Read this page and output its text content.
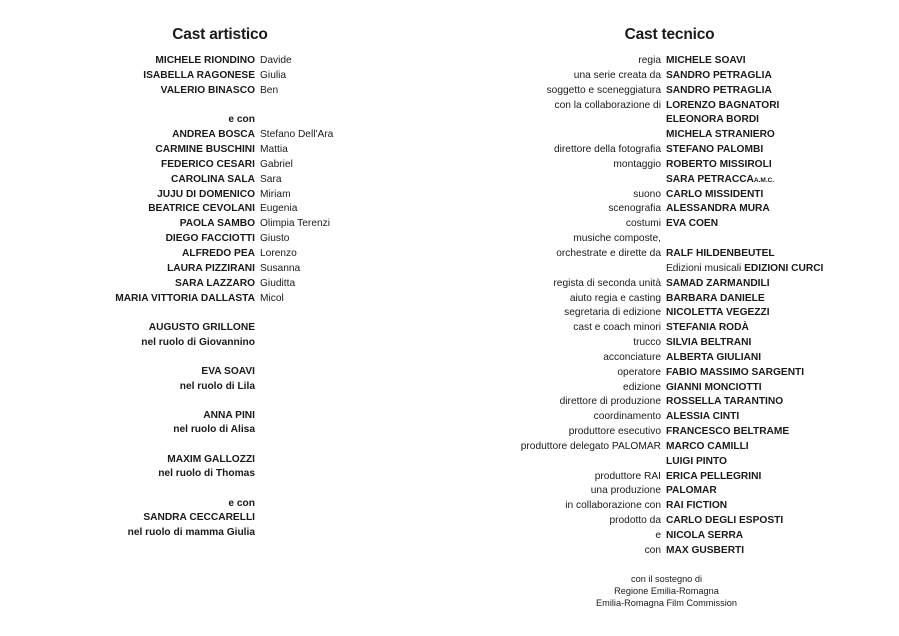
Cast artistico
MICHELE RIONDINO Davide
ISABELLA RAGONESE Giulia
VALERIO BINASCO Ben
e con
ANDREA BOSCA Stefano Dell'Ara
CARMINE BUSCHINI Mattia
FEDERICO CESARI Gabriel
CAROLINA SALA Sara
JUJU DI DOMENICO Miriam
BEATRICE CEVOLANI Eugenia
PAOLA SAMBO Olimpia Terenzi
DIEGO FACCIOTTI Giusto
ALFREDO PEA Lorenzo
LAURA PIZZIRANI Susanna
SARA LAZZARO Giuditta
MARIA VITTORIA DALLASTA Micol
AUGUSTO GRILLONE
nel ruolo di Giovannino
EVA SOAVI
nel ruolo di Lila
ANNA PINI
nel ruolo di Alisa
MAXIM GALLOZZI
nel ruolo di Thomas
e con
SANDRA CECCARELLI
nel ruolo di mamma Giulia
Cast tecnico
regia MICHELE SOAVI
una serie creata da SANDRO PETRAGLIA
soggetto e sceneggiatura SANDRO PETRAGLIA
con la collaborazione di LORENZO BAGNATORI
ELEONORA BORDI
MICHELA STRANIERO
direttore della fotografia STEFANO PALOMBI
montaggio ROBERTO MISSIROLI
SARA PETRACCAA.M.C.
suono CARLO MISSIDENTI
scenografia ALESSANDRA MURA
costumi EVA COEN
musiche composte,
orchestrate e dirette da RALF HILDENBEUTEL
Edizioni musicali EDIZIONI CURCI
regista di seconda unità SAMAD ZARMANDILI
aiuto regia e casting BARBARA DANIELE
segretaria di edizione NICOLETTA VEGEZZI
cast e coach minori STEFANIA RODÀ
trucco SILVIA BELTRANI
acconciature ALBERTA GIULIANI
operatore FABIO MASSIMO SARGENTI
edizione GIANNI MONCIOTTI
direttore di produzione ROSSELLA TARANTINO
coordinamento ALESSIA CINTI
produttore esecutivo FRANCESCO BELTRAME
produttore delegato PALOMAR MARCO CAMILLI
LUIGI PINTO
produttore RAI ERICA PELLEGRINI
una produzione PALOMAR
in collaborazione con RAI FICTION
prodotto da CARLO DEGLI ESPOSTI
e NICOLA SERRA
con MAX GUSBERTI
con il sostegno di
Regione Emilia-Romagna
Emilia-Romagna Film Commission
